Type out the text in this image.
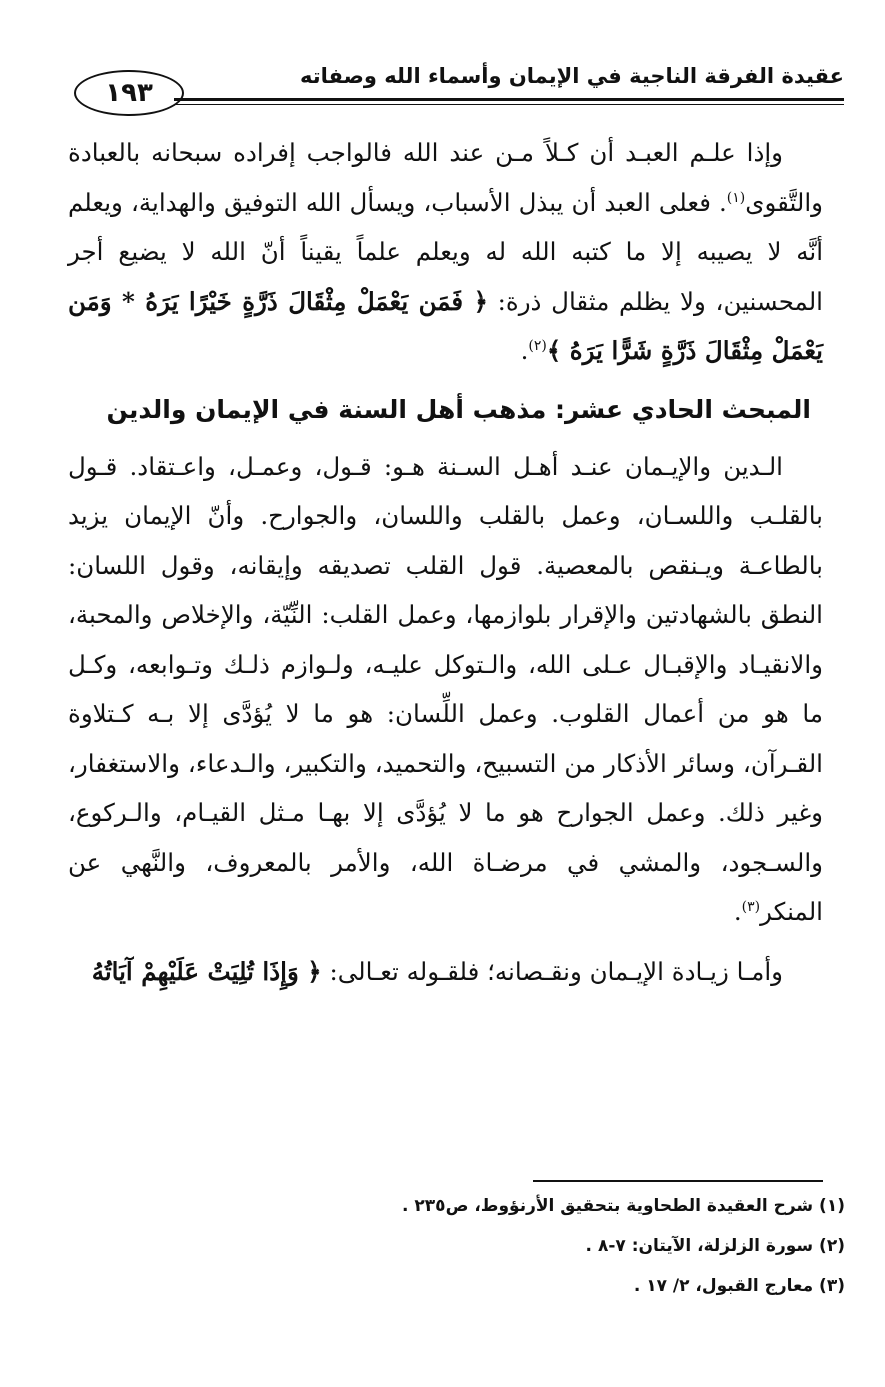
عقيدة الفرقة الناجية في الإيمان وأسماء الله وصفاته
١٩٣

وإذا علـم العبـد أن كـلاً مـن عند الله فالواجب إفراده سبحانه بالعبادة والتَّقوى$^{(١)}$. فعلى العبد أن يبذل الأسباب، ويسأل الله التوفيق والهداية، ويعلم أنَّه لا يصيبه إلا ما كتبه الله له ويعلم علماً يقيناً أنّ الله لا يضيع أجر المحسنين، ولا يظلم مثقال ذرة: ﴿ فَمَن يَعْمَلْ مِثْقَالَ ذَرَّةٍ خَيْرًا يَرَهُ * وَمَن يَعْمَلْ مِثْقَالَ ذَرَّةٍ شَرًّا يَرَهُ ﴾$^{(٢)}$.

المبحث الحادي عشر: مذهب أهل السنة في الإيمان والدين

الـدين والإيـمان عنـد أهـل السـنة هـو: قـول، وعمـل، واعـتقاد. قـول بالقلـب واللسـان، وعمل بالقلب واللسان، والجوارح. وأنّ الإيمان يزيد بالطاعـة ويـنقص بالمعصية. قول القلب تصديقه وإيقانه، وقول اللسان: النطق بالشهادتين والإقرار بلوازمها، وعمل القلب: النِّيّة، والإخلاص والمحبة، والانقيـاد والإقبـال عـلى الله، والـتوكل عليـه، ولـوازم ذلـك وتـوابعه، وكـل ما هو من أعمال القلوب. وعمل اللِّسان: هو ما لا يُؤدَّى إلا بـه كـتلاوة القـرآن، وسائر الأذكار من التسبيح، والتحميد، والتكبير، والـدعاء، والاستغفار، وغير ذلك. وعمل الجوارح هو ما لا يُؤدَّى إلا بهـا مـثل القيـام، والـركوع، والسـجود، والمشي في مرضـاة الله، والأمر بالمعروف، والنَّهي عن المنكر$^{(٣)}$.

وأمـا زيـادة الإيـمان ونقـصانه؛ فلقـوله تعـالى: ﴿ وَإِذَا تُلِيَتْ عَلَيْهِمْ آيَاتُهُ

(١) شرح العقيدة الطحاوية بتحقيق الأرنؤوط، ص٢٣٥ .

(٢) سورة الزلزلة، الآيتان: ٧-٨ .

(٣) معارج القبول، ٢/ ١٧ .
